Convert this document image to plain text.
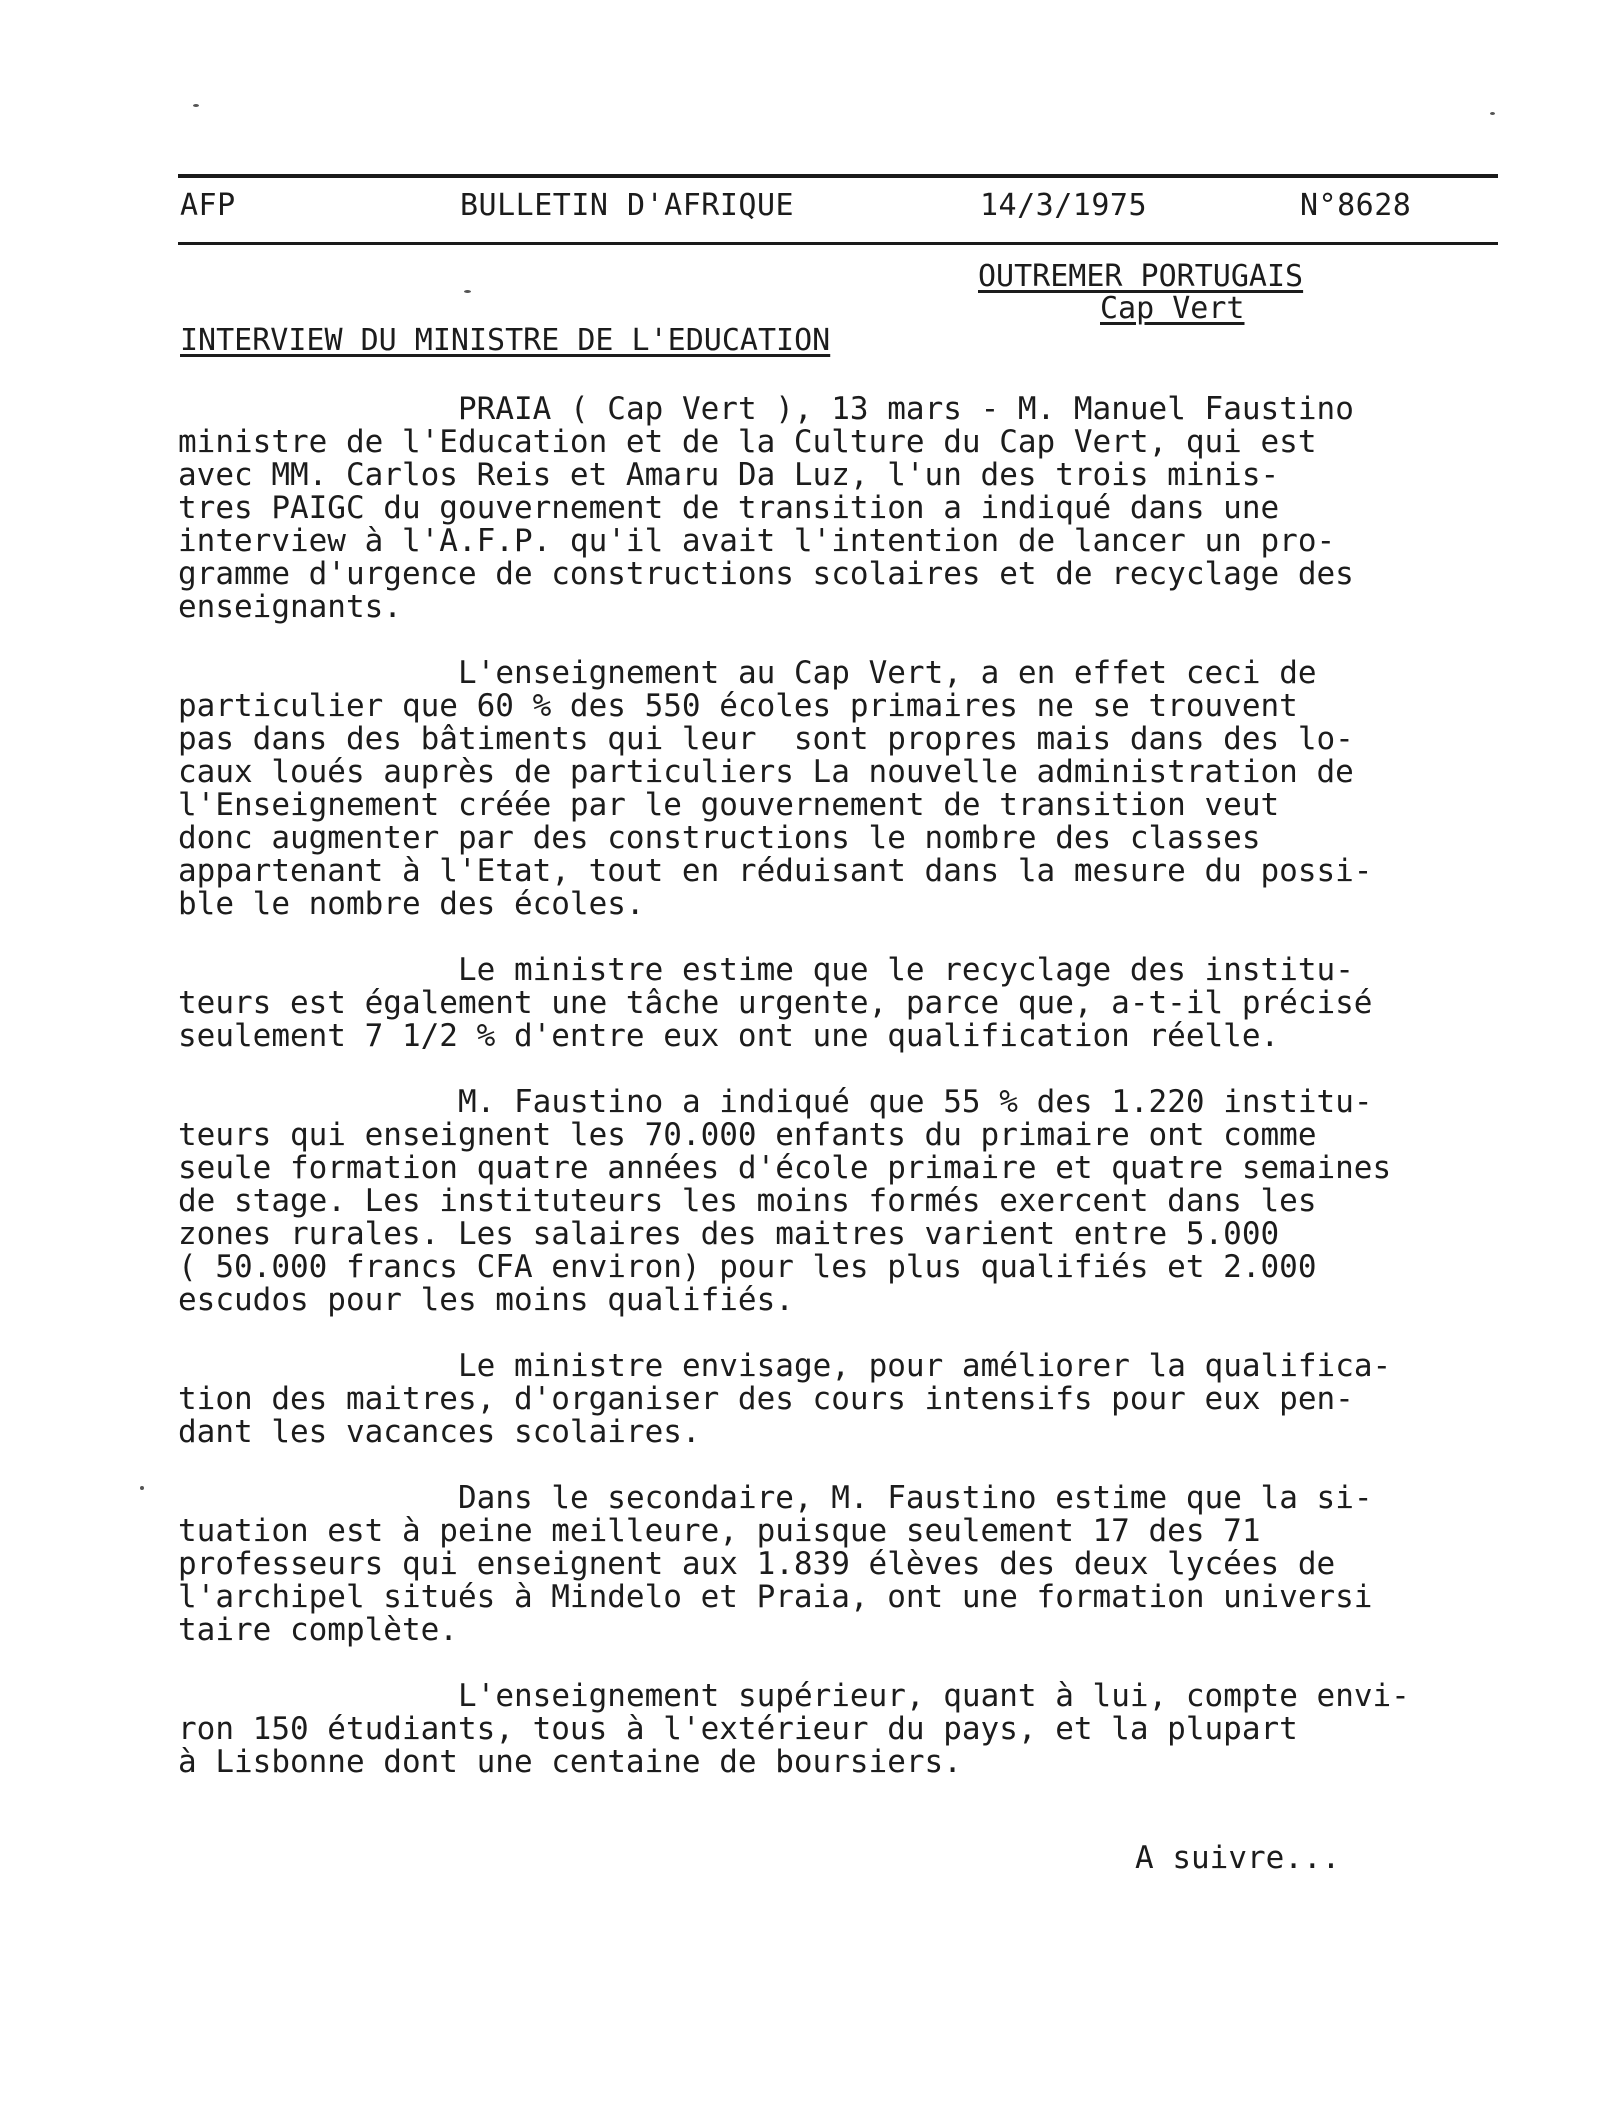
AFP	BULLETIN D'AFRIQUE	14/3/1975	N°8628
OUTREMER PORTUGAIS
Cap Vert
INTERVIEW DU MINISTRE DE L'EDUCATION
PRAIA ( Cap Vert ), 13 mars - M. Manuel Faustino
ministre de l'Education et de la Culture du Cap Vert, qui est
avec MM. Carlos Reis et Amaru Da Luz, l'un des trois minis-
tres PAIGC du gouvernement de transition a indiqué dans une
interview à l'A.F.P. qu'il avait l'intention de lancer un pro-
gramme d'urgence de constructions scolaires et de recyclage des
enseignants.
L'enseignement au Cap Vert, a en effet ceci de
particulier que 60 % des 550 écoles primaires ne se trouvent
pas dans des bâtiments qui leur  sont propres mais dans des lo-
caux loués auprès de particuliers La nouvelle administration de
l'Enseignement créée par le gouvernement de transition veut
donc augmenter par des constructions le nombre des classes
appartenant à l'Etat, tout en réduisant dans la mesure du possi-
ble le nombre des écoles.
Le ministre estime que le recyclage des institu-
teurs est également une tâche urgente, parce que, a-t-il précisé
seulement 7 1/2 % d'entre eux ont une qualification réelle.
M. Faustino a indiqué que 55 % des 1.220 institu-
teurs qui enseignent les 70.000 enfants du primaire ont comme
seule formation quatre années d'école primaire et quatre semaines
de stage. Les instituteurs les moins formés exercent dans les
zones rurales. Les salaires des maitres varient entre 5.000
( 50.000 francs CFA environ) pour les plus qualifiés et 2.000
escudos pour les moins qualifiés.
Le ministre envisage, pour améliorer la qualifica-
tion des maitres, d'organiser des cours intensifs pour eux pen-
dant les vacances scolaires.
Dans le secondaire, M. Faustino estime que la si-
tuation est à peine meilleure, puisque seulement 17 des 71
professeurs qui enseignent aux 1.839 élèves des deux lycées de
l'archipel situés à Mindelo et Praia, ont une formation universi
taire complète.
L'enseignement supérieur, quant à lui, compte envi-
ron 150 étudiants, tous à l'extérieur du pays, et la plupart
à Lisbonne dont une centaine de boursiers.
A suivre...
